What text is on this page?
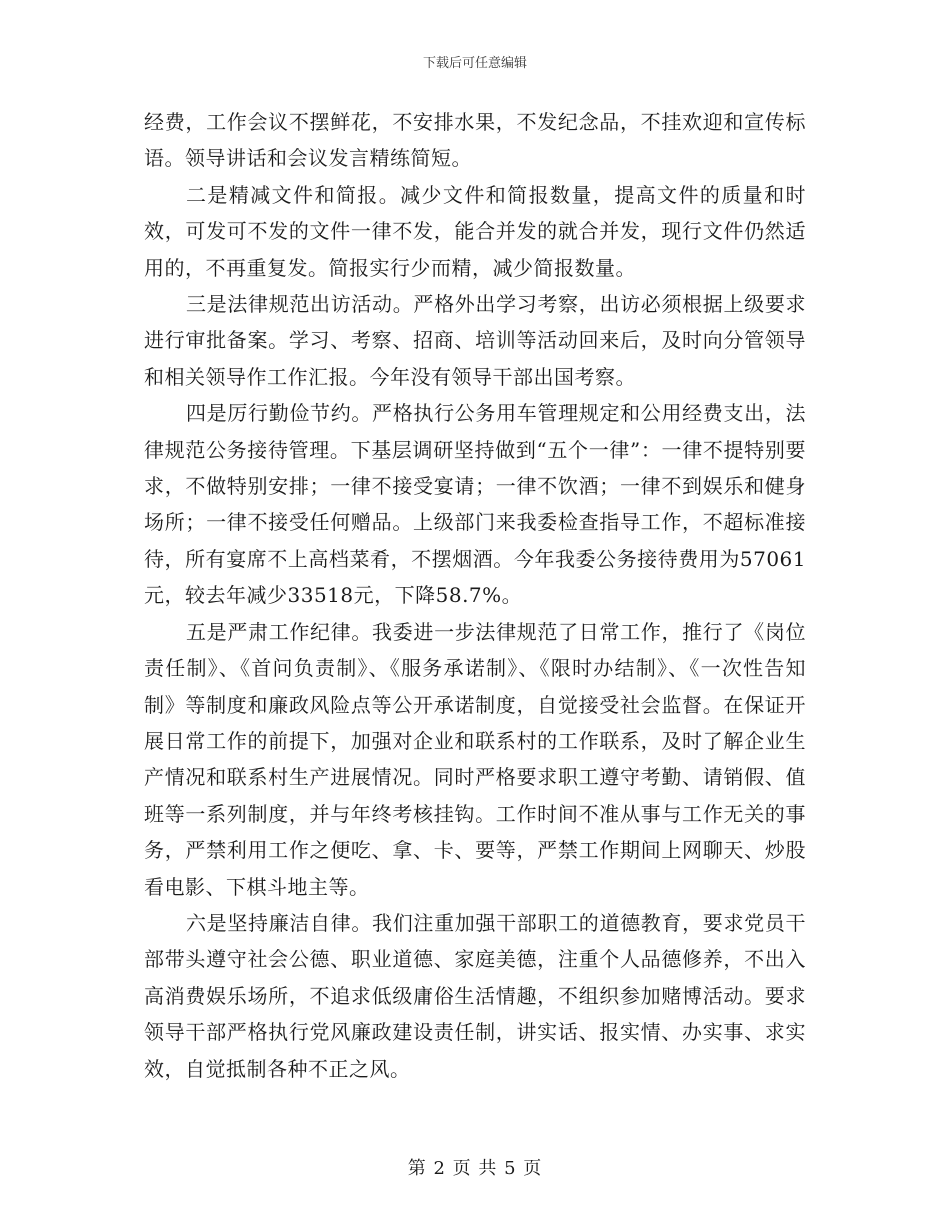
下载后可任意编辑

经费，工作会议不摆鲜花，不安排水果，不发纪念品，不挂欢迎和宣传标语。领导讲话和会议发言精练简短。

二是精减文件和简报。减少文件和简报数量，提高文件的质量和时效，可发可不发的文件一律不发，能合并发的就合并发，现行文件仍然适用的，不再重复发。简报实行少而精，减少简报数量。

三是法律规范出访活动。严格外出学习考察，出访必须根据上级要求进行审批备案。学习、考察、招商、培训等活动回来后，及时向分管领导和相关领导作工作汇报。今年没有领导干部出国考察。

四是厉行勤俭节约。严格执行公务用车管理规定和公用经费支出，法律规范公务接待管理。下基层调研坚持做到“五个一律”：一律不提特别要求，不做特别安排；一律不接受宴请；一律不饮酒；一律不到娱乐和健身场所；一律不接受任何赠品。上级部门来我委检查指导工作，不超标准接待，所有宴席不上高档菜肴，不摆烟酒。今年我委公务接待费用为57061元，较去年减少33518元，下降58.7%。

五是严肃工作纪律。我委进一步法律规范了日常工作，推行了《岗位责任制》、《首问负责制》、《服务承诺制》、《限时办结制》、《一次性告知制》等制度和廉政风险点等公开承诺制度，自觉接受社会监督。在保证开展日常工作的前提下，加强对企业和联系村的工作联系，及时了解企业生产情况和联系村生产进展情况。同时严格要求职工遵守考勤、请销假、值班等一系列制度，并与年终考核挂钩。工作时间不准从事与工作无关的事务，严禁利用工作之便吃、拿、卡、要等，严禁工作期间上网聊天、炒股看电影、下棋斗地主等。

六是坚持廉洁自律。我们注重加强干部职工的道德教育，要求党员干部带头遵守社会公德、职业道德、家庭美德，注重个人品德修养，不出入高消费娱乐场所，不追求低级庸俗生活情趣，不组织参加赌博活动。要求领导干部严格执行党风廉政建设责任制，讲实话、报实情、办实事、求实效，自觉抵制各种不正之风。

第 2 页 共 5 页
